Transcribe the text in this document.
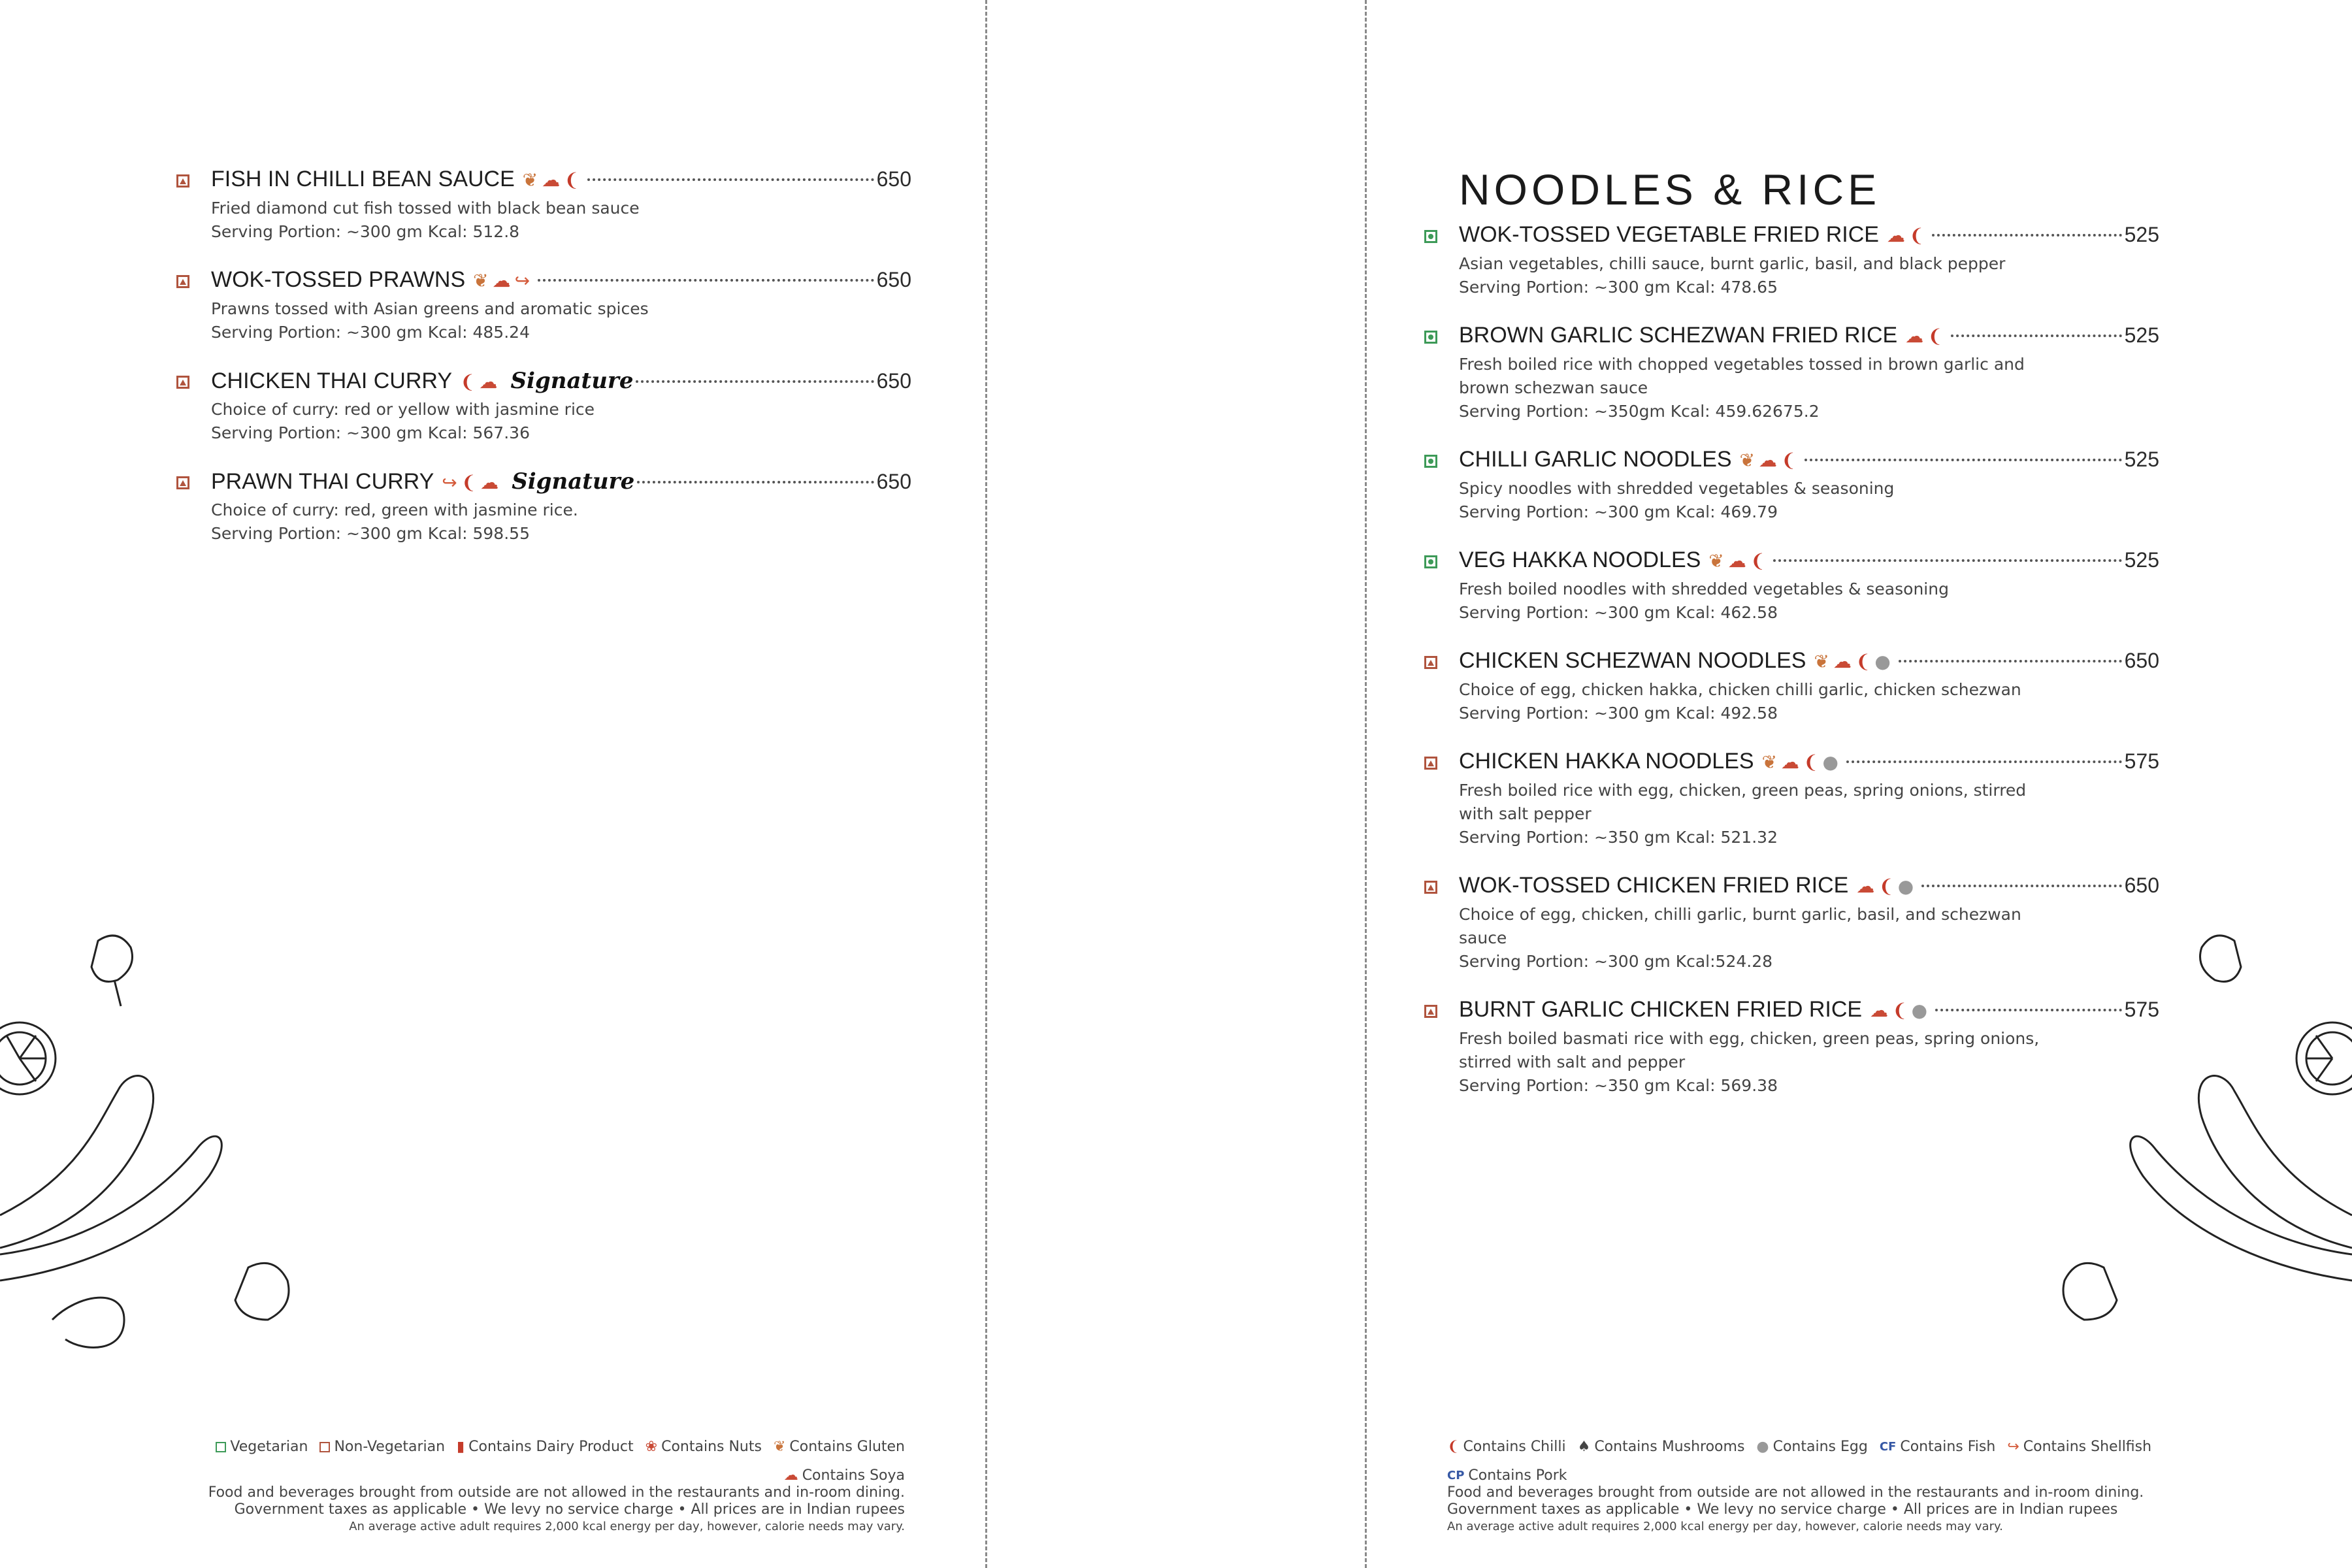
FISH IN CHILLI BEAN SAUCE ❦ ☁ ❨	650
Fried diamond cut fish tossed with black bean sauce
Serving Portion: ~300 gm Kcal: 512.8
WOK-TOSSED PRAWNS ❦ ☁ ↪	650
Prawns tossed with Asian greens and aromatic spices
Serving Portion: ~300 gm Kcal: 485.24
CHICKEN THAI CURRY ❨ ☁ Signature	650
Choice of curry: red or yellow with jasmine rice
Serving Portion: ~300 gm Kcal: 567.36
PRAWN THAI CURRY ↪ ❨ ☁ Signature	650
Choice of curry: red, green with jasmine rice.
Serving Portion: ~300 gm Kcal: 598.55
NOODLES & RICE
WOK-TOSSED VEGETABLE FRIED RICE ☁ ❨	525
Asian vegetables, chilli sauce, burnt garlic, basil, and black pepper
Serving Portion: ~300 gm Kcal: 478.65
BROWN GARLIC SCHEZWAN FRIED RICE ☁ ❨	525
Fresh boiled rice with chopped vegetables tossed in brown garlic and brown schezwan sauce
Serving Portion: ~350gm Kcal: 459.62675.2
CHILLI GARLIC NOODLES ❦ ☁ ❨	525
Spicy noodles with shredded vegetables & seasoning
Serving Portion: ~300 gm Kcal: 469.79
VEG HAKKA NOODLES ❦ ☁ ❨	525
Fresh boiled noodles with shredded vegetables & seasoning
Serving Portion: ~300 gm Kcal: 462.58
CHICKEN SCHEZWAN NOODLES ❦ ☁ ❨ ●	650
Choice of egg, chicken hakka, chicken chilli garlic, chicken schezwan
Serving Portion: ~300 gm Kcal: 492.58
CHICKEN HAKKA NOODLES ❦ ☁ ❨ ●	575
Fresh boiled rice with egg, chicken, green peas, spring onions, stirred with salt pepper
Serving Portion: ~350 gm Kcal: 521.32
WOK-TOSSED CHICKEN FRIED RICE ☁ ❨ ●	650
Choice of egg, chicken, chilli garlic, burnt garlic, basil, and schezwan sauce
Serving Portion: ~300 gm Kcal:524.28
BURNT GARLIC CHICKEN FRIED RICE ☁ ❨ ●	575
Fresh boiled basmati rice with egg, chicken, green peas, spring onions, stirred with salt and pepper
Serving Portion: ~350 gm Kcal: 569.38
Vegetarian Non-Vegetarian ▮ Contains Dairy Product ❀ Contains Nuts ❦ Contains Gluten
☁ Contains Soya
Food and beverages brought from outside are not allowed in the restaurants and in-room dining.
Government taxes as applicable • We levy no service charge • All prices are in Indian rupees
An average active adult requires 2,000 kcal energy per day, however, calorie needs may vary.
❨ Contains Chilli ♠ Contains Mushrooms ● Contains Egg CF Contains Fish ↪ Contains Shellfish
CP Contains Pork
Food and beverages brought from outside are not allowed in the restaurants and in-room dining.
Government taxes as applicable • We levy no service charge • All prices are in Indian rupees
An average active adult requires 2,000 kcal energy per day, however, calorie needs may vary.
